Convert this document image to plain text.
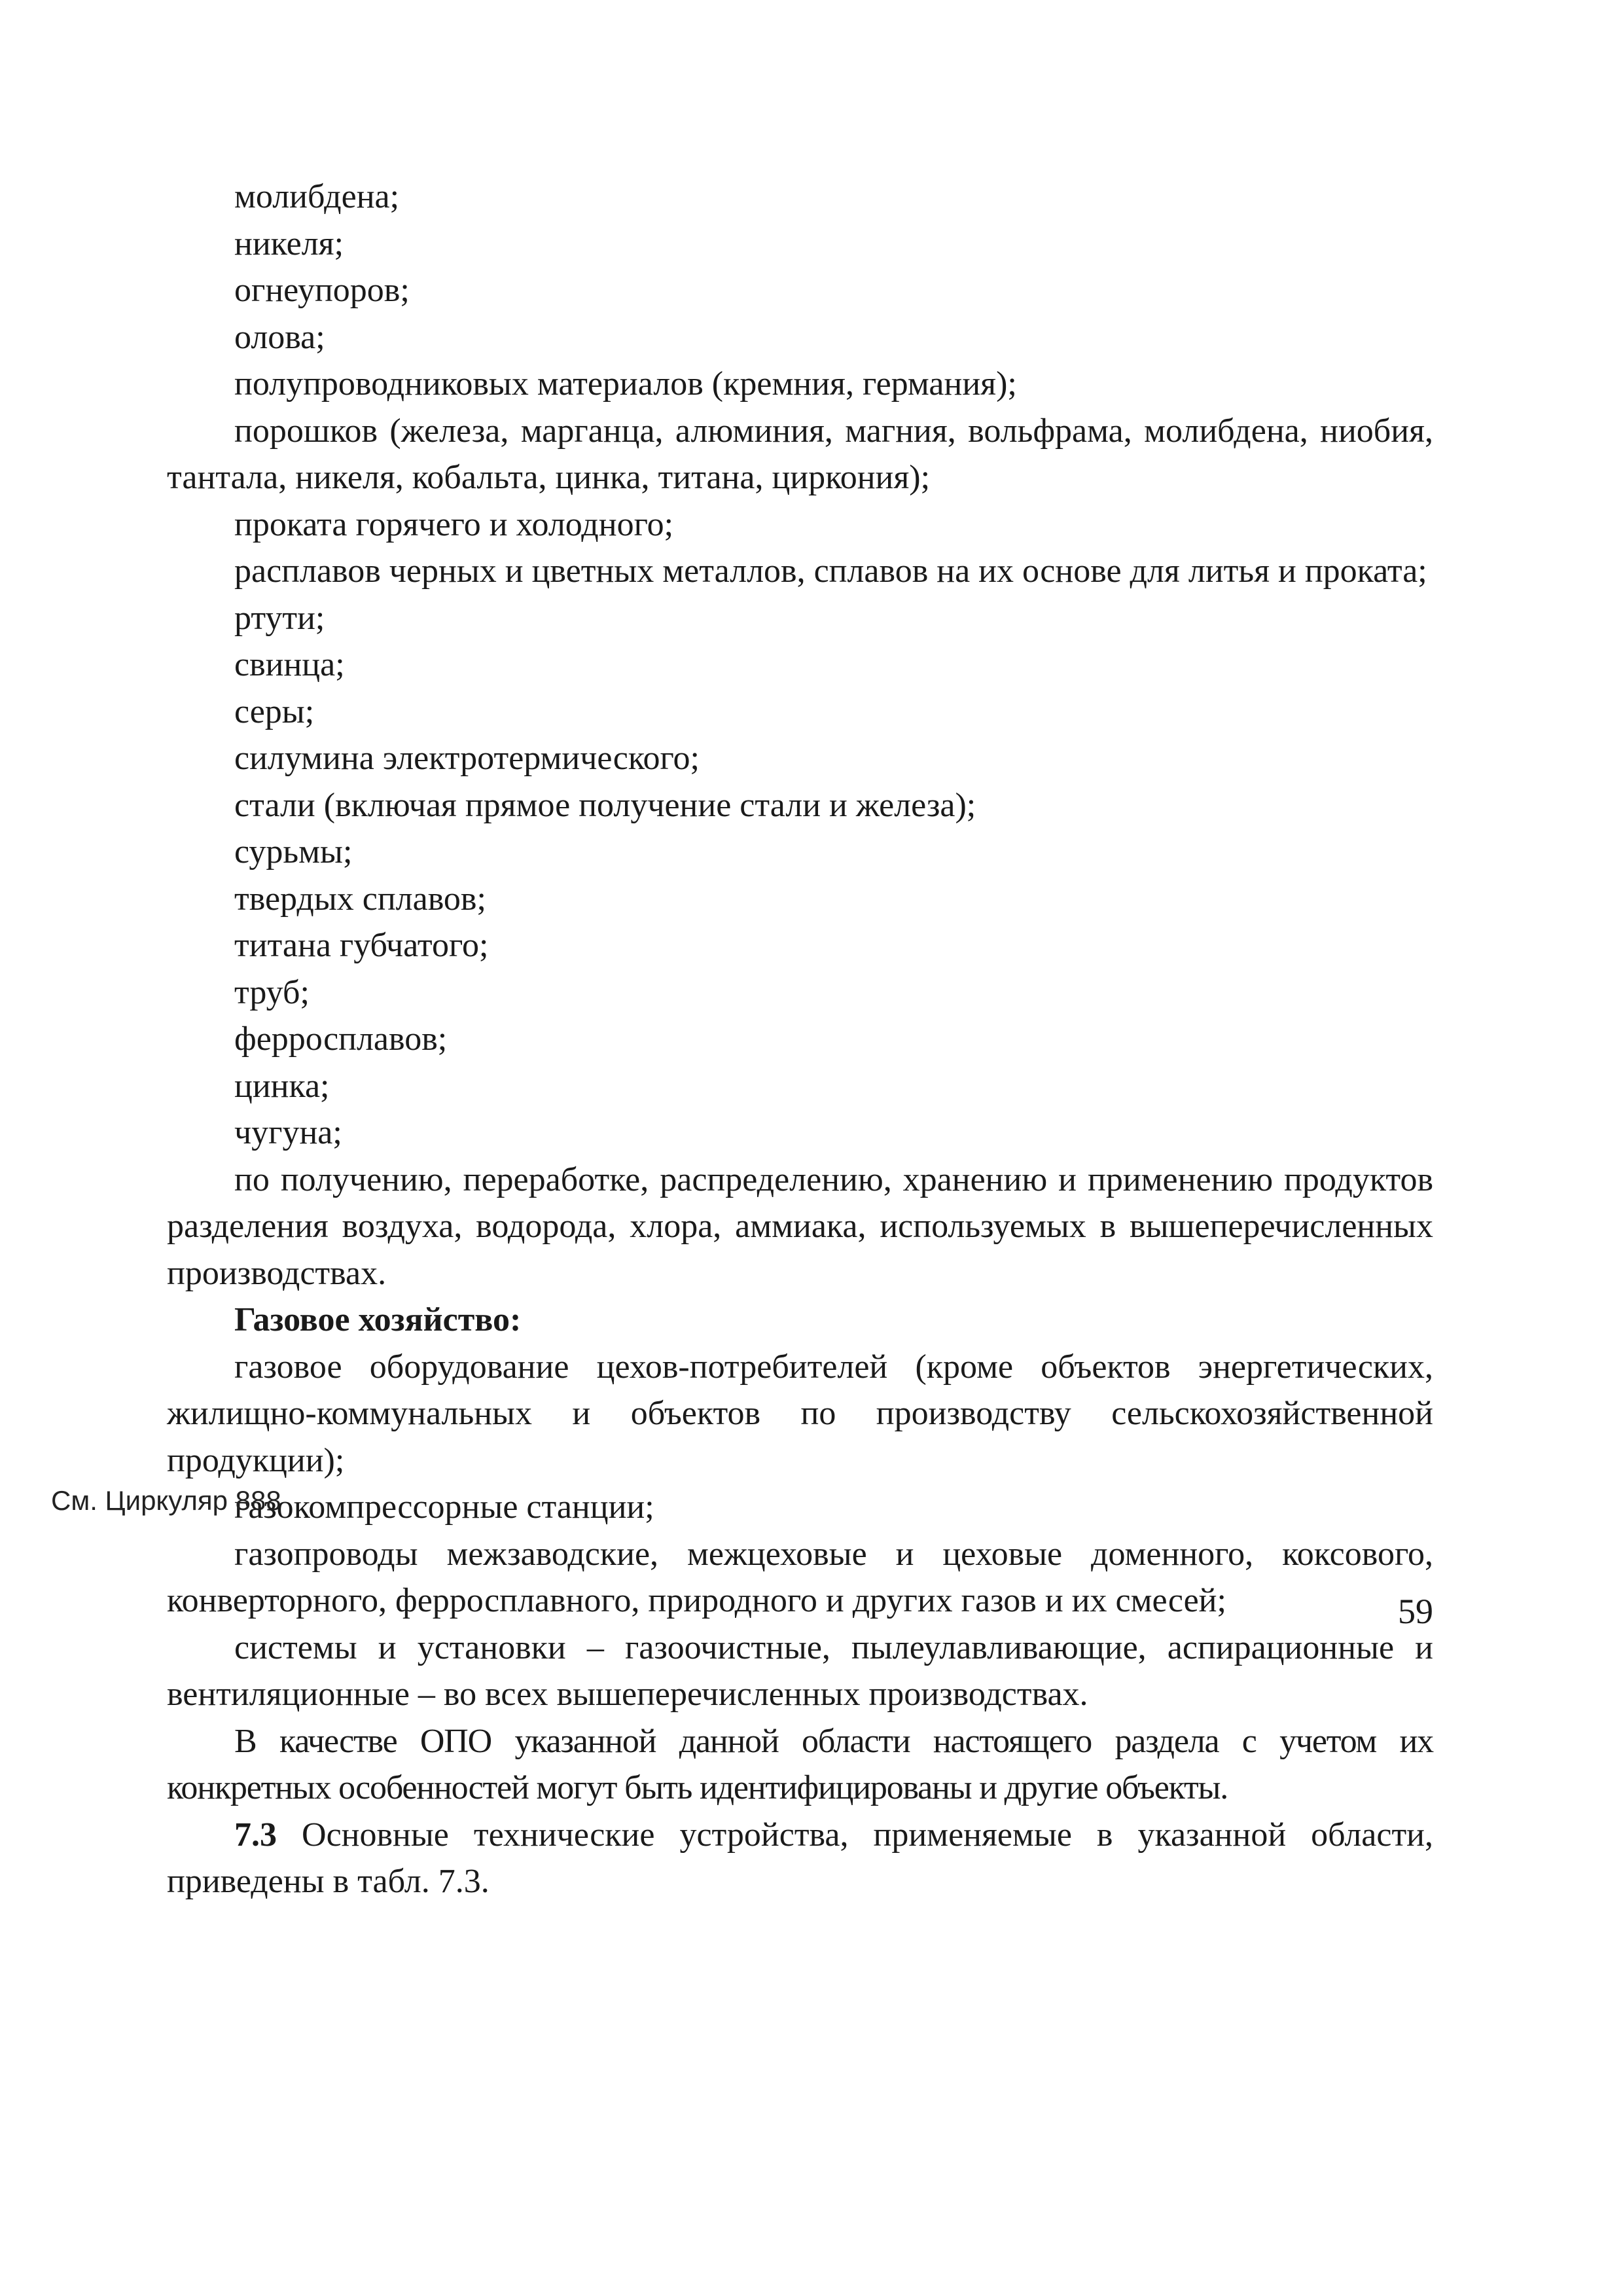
молибдена;

никеля;

огнеупоров;

олова;

полупроводниковых материалов (кремния, германия);

порошков (железа, марганца, алюминия, магния, вольфрама, молибдена, ниобия, тантала, никеля, кобальта, цинка, титана, циркония);

проката горячего и холодного;

расплавов черных и цветных металлов, сплавов на их основе для литья и проката;

ртути;

свинца;

серы;

силумина электротермического;

стали (включая прямое получение стали и железа);

сурьмы;

твердых сплавов;

титана губчатого;

труб;

ферросплавов;

цинка;

чугуна;

по получению, переработке, распределению, хранению и применению продуктов разделения воздуха, водорода, хлора, аммиака, используемых в вышеперечисленных производствах.

Газовое хозяйство:

газовое оборудование цехов-потребителей (кроме объектов энергетических, жилищно-коммунальных и объектов по производству сельскохозяйственной продукции);

газокомпрессорные станции;

газопроводы межзаводские, межцеховые и цеховые доменного, коксового, конверторного, ферросплавного, природного и других газов и их смесей;

системы и установки – газоочистные, пылеулавливающие, аспирационные и вентиляционные – во всех вышеперечисленных производствах.

В качестве ОПО указанной данной области настоящего раздела с учетом их конкретных особенностей могут быть идентифицированы и другие объекты.

7.3 Основные технические устройства, применяемые в указанной области, приведены в табл. 7.3.

См. Циркуляр 888
59
